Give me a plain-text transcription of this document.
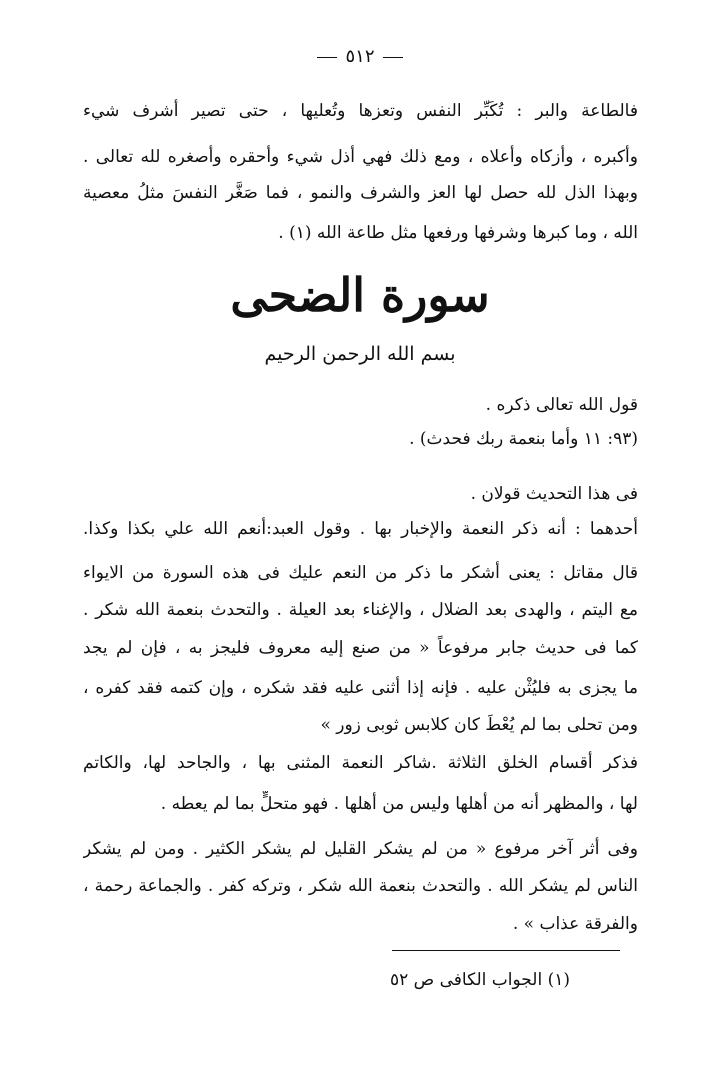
٥١٢
فالطاعة والبر : تُكَبِّر النفس وتعزها وتُعليها ، حتى تصير أشرف شيء
وأكبره ، وأزكاه وأعلاه ، ومع ذلك فهي أذل شيء وأحقره وأصغره لله تعالى .
وبهذا الذل لله حصل لها العز والشرف والنمو ، فما صَغَّر النفسَ مثلُ معصية
الله ، وما كبرها وشرفها ورفعها مثل طاعة الله (١) .
سورة الضحى
بسم الله الرحمن الرحيم
قول الله تعالى ذكره .
(٩٣: ١١ وأما بنعمة ربك فحدث) .
فى هذا التحديث قولان .
أحدهما : أنه ذكر النعمة والإخبار بها . وقول العبد:أنعم الله علي بكذا وكذا.
قال مقاتل : يعنى أشكر ما ذكر من النعم عليك فى هذه السورة من الايواء
مع اليتم ، والهدى بعد الضلال ، والإغناء بعد العيلة . والتحدث بنعمة الله شكر .
كما فى حديث جابر مرفوعاً « من صنع إليه معروف فليجز به ، فإن لم يجد
ما يجزى به فليُثْن عليه . فإنه إذا أثنى عليه فقد شكره ، وإن كتمه فقد كفره ،
ومن تحلى بما لم يُعْطَ كان كلابس ثوبى زور »
فذكر أقسام الخلق الثلاثة .شاكر النعمة المثنى بها ، والجاحد لها، والكاتم
لها ، والمظهر أنه من أهلها وليس من أهلها . فهو متحلٍّ بما لم يعطه .
وفى أثر آخر مرفوع « من لم يشكر القليل لم يشكر الكثير . ومن لم يشكر
الناس لم يشكر الله . والتحدث بنعمة الله شكر ، وتركه كفر . والجماعة رحمة ،
والفرقة عذاب » .
(١) الجواب الكافى ص ٥٢
